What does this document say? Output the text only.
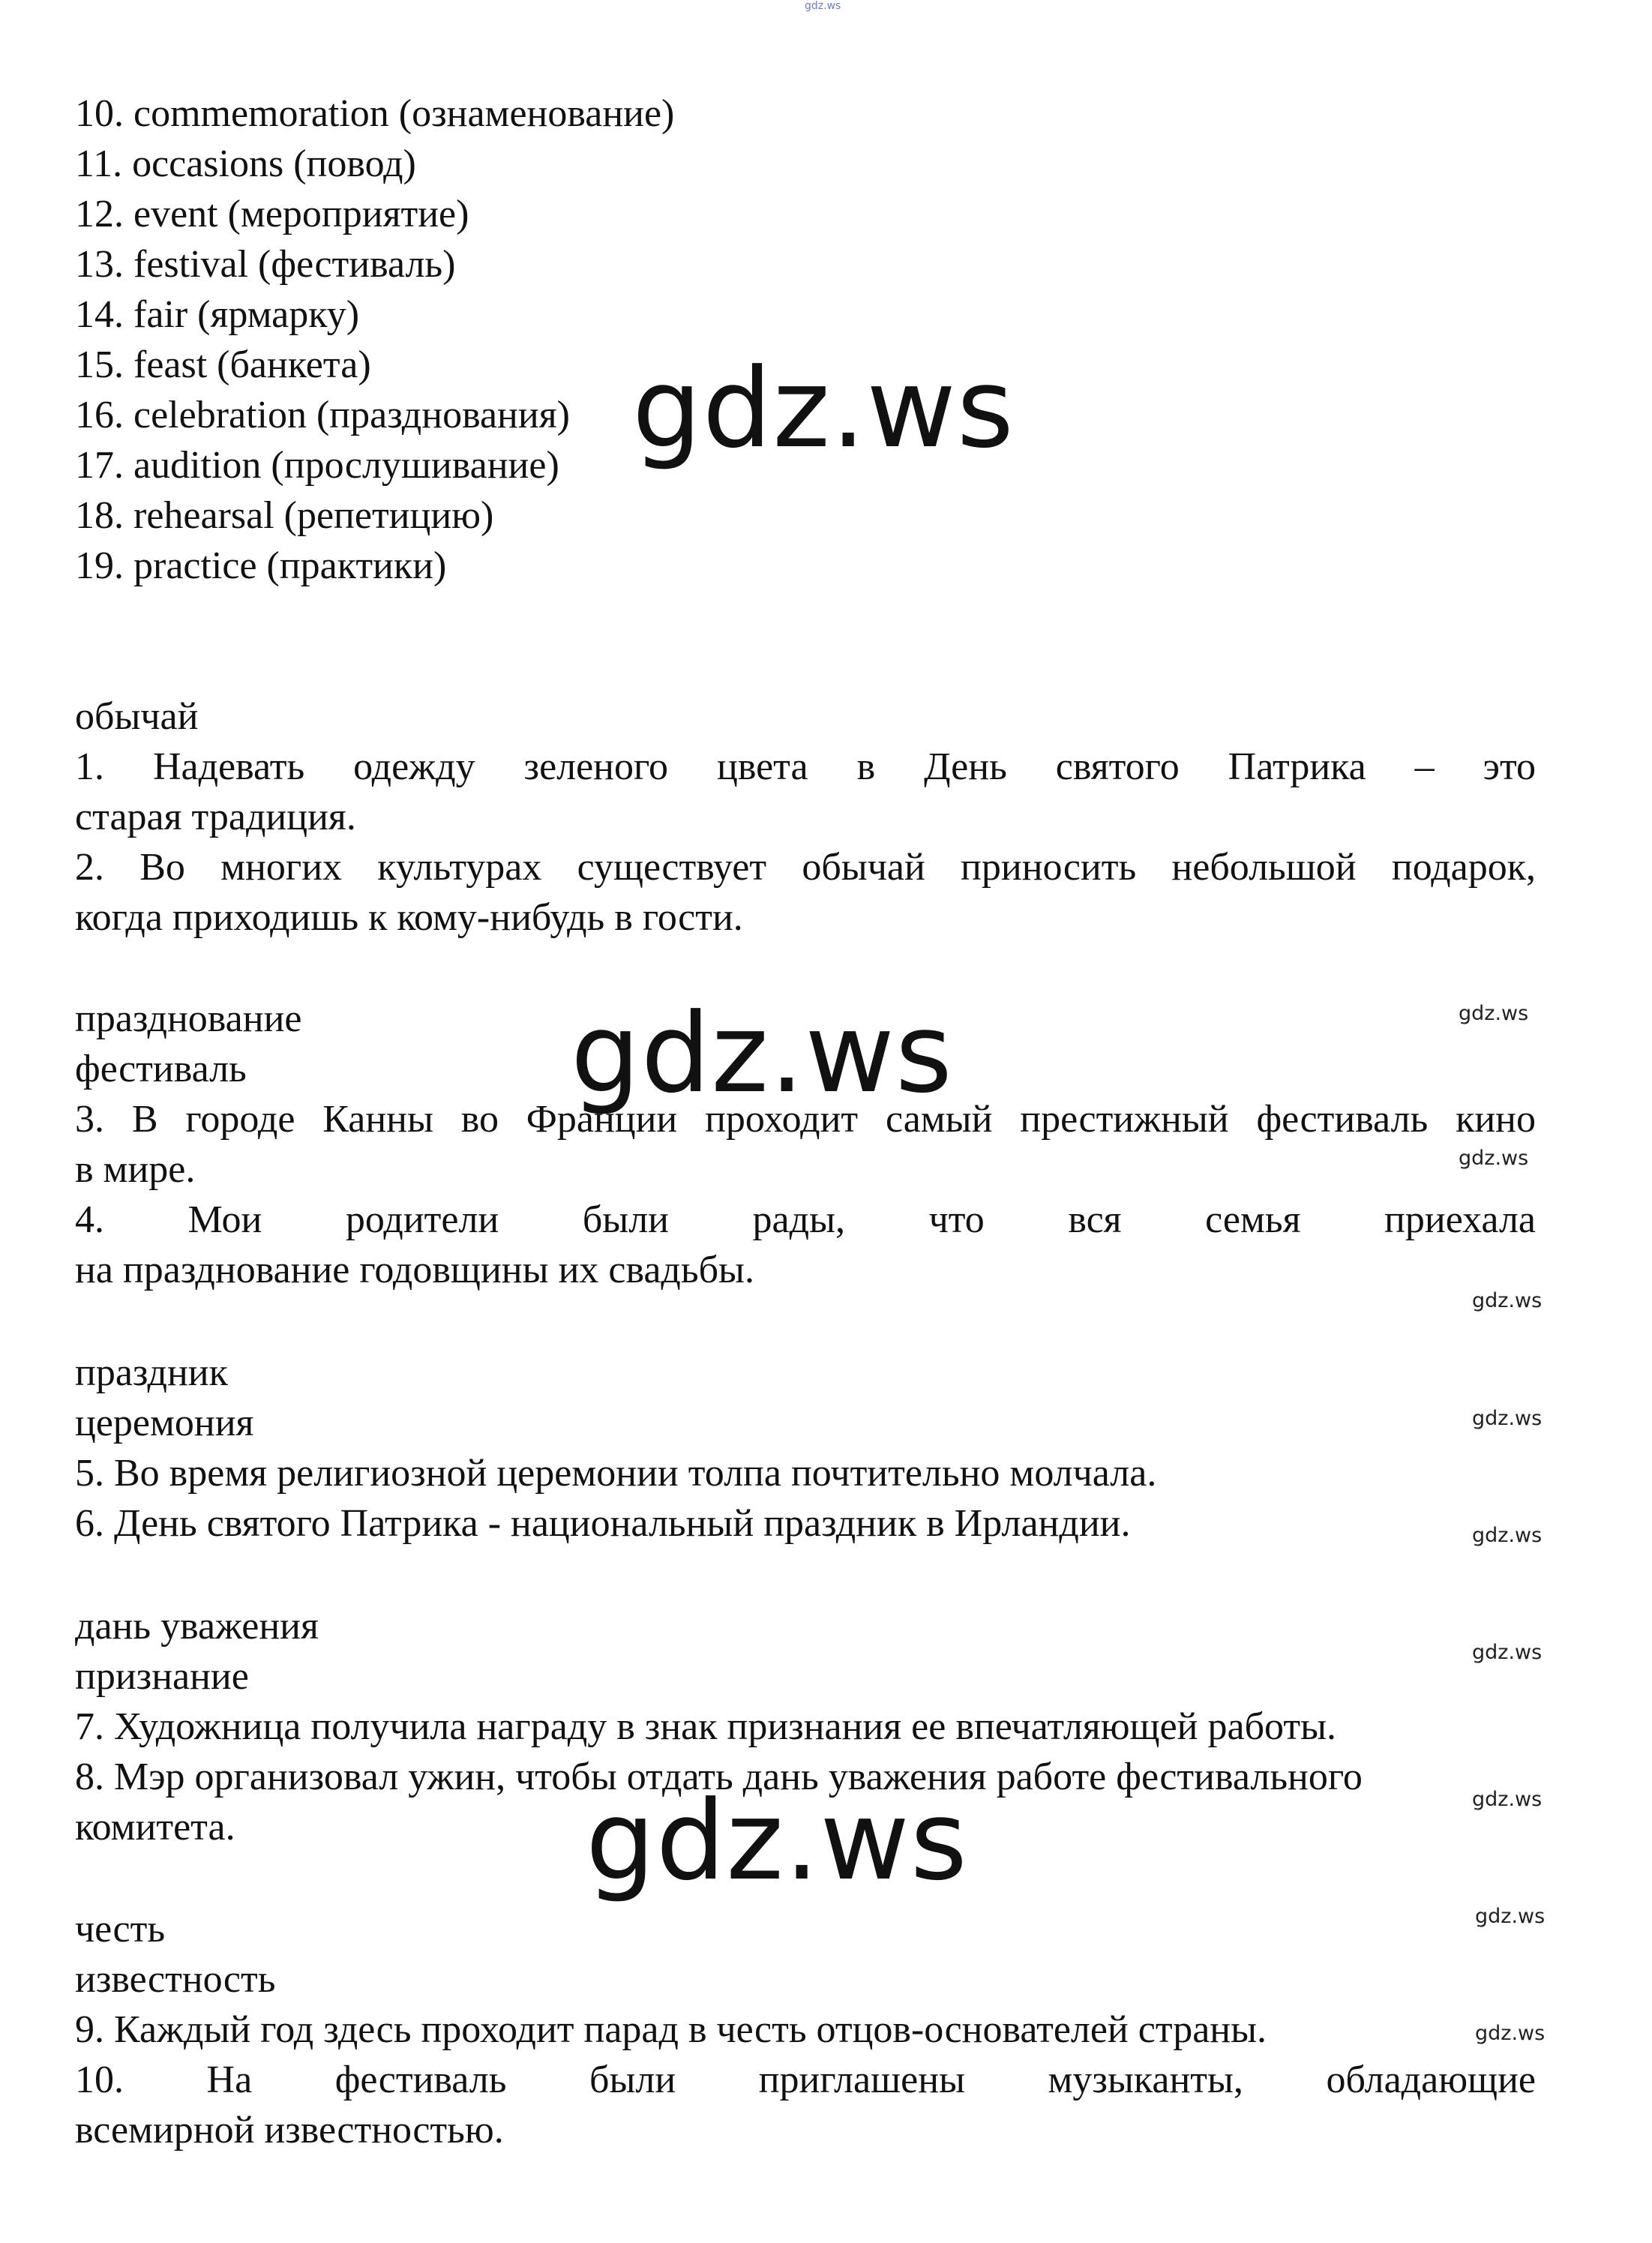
gdz.ws
10. commemoration (ознаменование)
11. occasions (повод)
12. event (мероприятие)
13. festival (фестиваль)
14. fair (ярмарку)
15. feast (банкета)
16. celebration (празднования)
17. audition (прослушивание)
18. rehearsal (репетицию)
19. practice (практики)
обычай
1. Надевать одежду зеленого цвета в День святого Патрика – это
старая традиция.
2. Во многих культурах существует обычай приносить небольшой подарок,
когда приходишь к кому-нибудь в гости.
празднование
фестиваль
3. В городе Канны во Франции проходит самый престижный фестиваль кино
в мире.
4. Мои родители были рады, что вся семья приехала
на празднование годовщины их свадьбы.
праздник
церемония
5. Во время религиозной церемонии толпа почтительно молчала.
6. День святого Патрика - национальный праздник в Ирландии.
дань уважения
признание
7. Художница получила награду в знак признания ее впечатляющей работы.
8. Мэр организовал ужин, чтобы отдать дань уважения работе фестивального
комитета.
честь
известность
9. Каждый год здесь проходит парад в честь отцов-основателей страны.
10. На фестиваль были приглашены музыканты, обладающие
всемирной известностью.
gdz.ws
gdz.ws
gdz.ws
gdz.ws
gdz.ws
gdz.ws
gdz.ws
gdz.ws
gdz.ws
gdz.ws
gdz.ws
gdz.ws
